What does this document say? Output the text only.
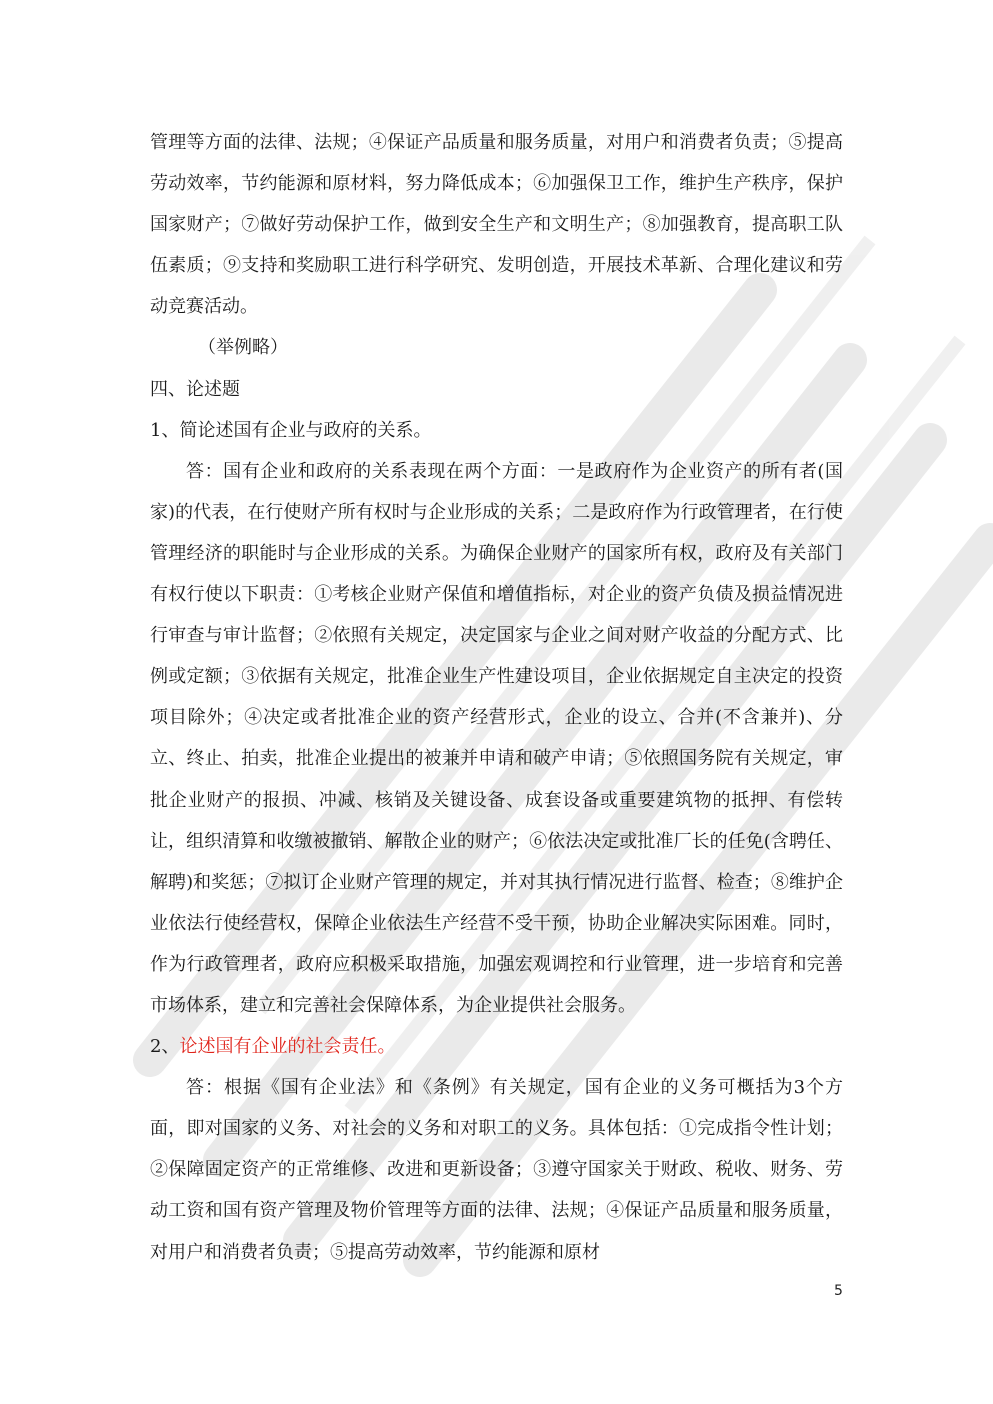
管理等方面的法律、法规；④保证产品质量和服务质量，对用户和消费者负责；⑤提高劳动效率，节约能源和原材料，努力降低成本；⑥加强保卫工作，维护生产秩序，保护国家财产；⑦做好劳动保护工作，做到安全生产和文明生产；⑧加强教育，提高职工队伍素质；⑨支持和奖励职工进行科学研究、发明创造，开展技术革新、合理化建议和劳动竞赛活动。

（举例略）

四、论述题

1、简论述国有企业与政府的关系。

答：国有企业和政府的关系表现在两个方面：一是政府作为企业资产的所有者(国家)的代表，在行使财产所有权时与企业形成的关系；二是政府作为行政管理者，在行使管理经济的职能时与企业形成的关系。为确保企业财产的国家所有权，政府及有关部门有权行使以下职责：①考核企业财产保值和增值指标，对企业的资产负债及损益情况进行审查与审计监督；②依照有关规定，决定国家与企业之间对财产收益的分配方式、比例或定额；③依据有关规定，批准企业生产性建设项目，企业依据规定自主决定的投资项目除外；④决定或者批准企业的资产经营形式，企业的设立、合并(不含兼并)、分立、终止、拍卖，批准企业提出的被兼并申请和破产申请；⑤依照国务院有关规定，审批企业财产的报损、冲减、核销及关键设备、成套设备或重要建筑物的抵押、有偿转让，组织清算和收缴被撤销、解散企业的财产；⑥依法决定或批准厂长的任免(含聘任、解聘)和奖惩；⑦拟订企业财产管理的规定，并对其执行情况进行监督、检查；⑧维护企业依法行使经营权，保障企业依法生产经营不受干预，协助企业解决实际困难。同时，作为行政管理者，政府应积极采取措施，加强宏观调控和行业管理，进一步培育和完善市场体系，建立和完善社会保障体系，为企业提供社会服务。

2、论述国有企业的社会责任。

答：根据《国有企业法》和《条例》有关规定，国有企业的义务可概括为3个方面，即对国家的义务、对社会的义务和对职工的义务。具体包括：①完成指令性计划；②保障固定资产的正常维修、改进和更新设备；③遵守国家关于财政、税收、财务、劳动工资和国有资产管理及物价管理等方面的法律、法规；④保证产品质量和服务质量，对用户和消费者负责；⑤提高劳动效率，节约能源和原材

5
